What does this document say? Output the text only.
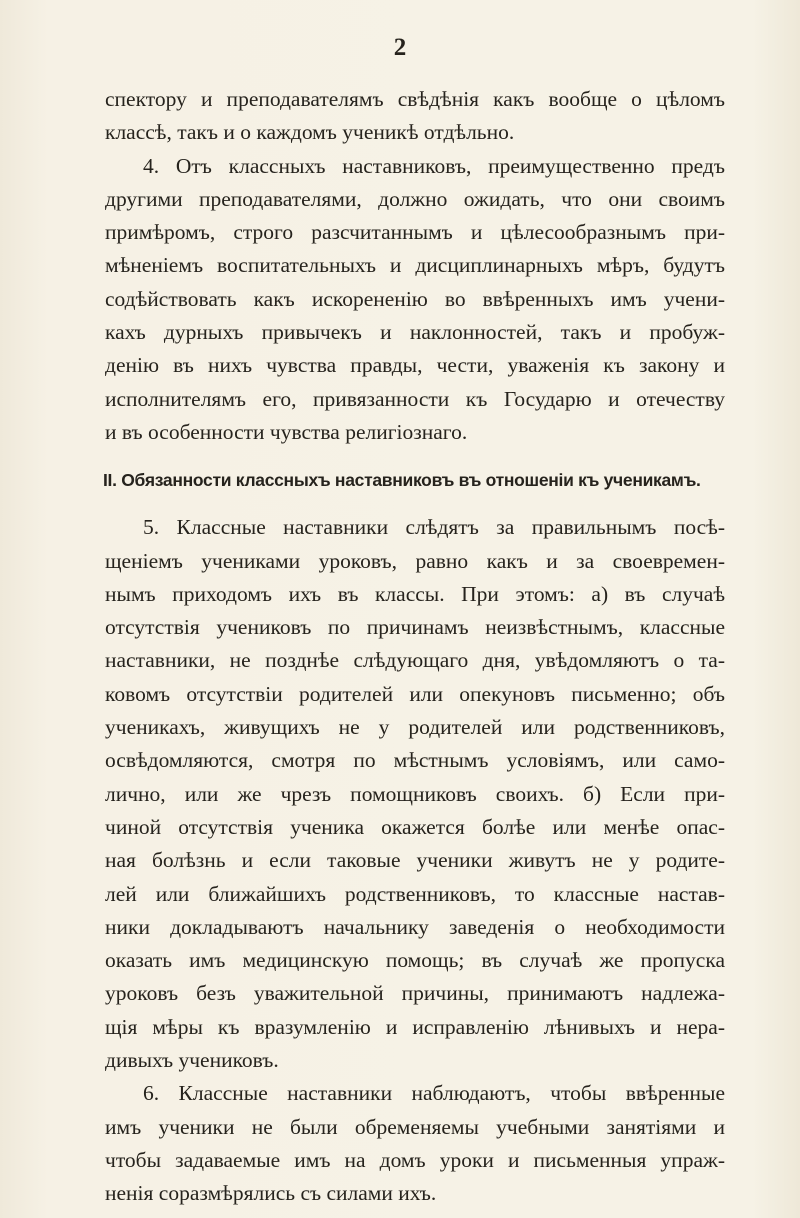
2
спектору и преподавателямъ свѣдѣнія какъ вообще о цѣломъ
классѣ, такъ и о каждомъ ученикѣ отдѣльно.
4. Отъ классныхъ наставниковъ, преимущественно предъ
другими преподавателями, должно ожидать, что они своимъ
примѣромъ, строго разсчитаннымъ и цѣлесообразнымъ при-
мѣненіемъ воспитательныхъ и дисциплинарныхъ мѣръ, будутъ
содѣйствовать какъ искорененію во ввѣренныхъ имъ учени-
кахъ дурныхъ привычекъ и наклонностей, такъ и пробуж-
денію въ нихъ чувства правды, чести, уваженія къ закону и
исполнителямъ его, привязанности къ Государю и отечеству
и въ особенности чувства религіознаго.
II. Обязанности классныхъ наставниковъ въ отношеніи къ ученикамъ.
5. Классные наставники слѣдятъ за правильнымъ посѣ-
щеніемъ учениками уроковъ, равно какъ и за своевремен-
нымъ приходомъ ихъ въ классы. При этомъ: а) въ случаѣ
отсутствія учениковъ по причинамъ неизвѣстнымъ, классные
наставники, не позднѣе слѣдующаго дня, увѣдомляютъ о та-
ковомъ отсутствіи родителей или опекуновъ письменно; объ
ученикахъ, живущихъ не у родителей или родственниковъ,
освѣдомляются, смотря по мѣстнымъ условіямъ, или само-
лично, или же чрезъ помощниковъ своихъ. б) Если при-
чиной отсутствія ученика окажется болѣе или менѣе опас-
ная болѣзнь и если таковые ученики живутъ не у родите-
лей или ближайшихъ родственниковъ, то классные настав-
ники докладываютъ начальнику заведенія о необходимости
оказать имъ медицинскую помощь; въ случаѣ же пропуска
уроковъ безъ уважительной причины, принимаютъ надлежа-
щія мѣры къ вразумленію и исправленію лѣнивыхъ и нера-
дивыхъ учениковъ.
6. Классные наставники наблюдаютъ, чтобы ввѣренные
имъ ученики не были обременяемы учебными занятіями и
чтобы задаваемые имъ на домъ уроки и письменныя упраж-
ненія соразмѣрялись съ силами ихъ.
